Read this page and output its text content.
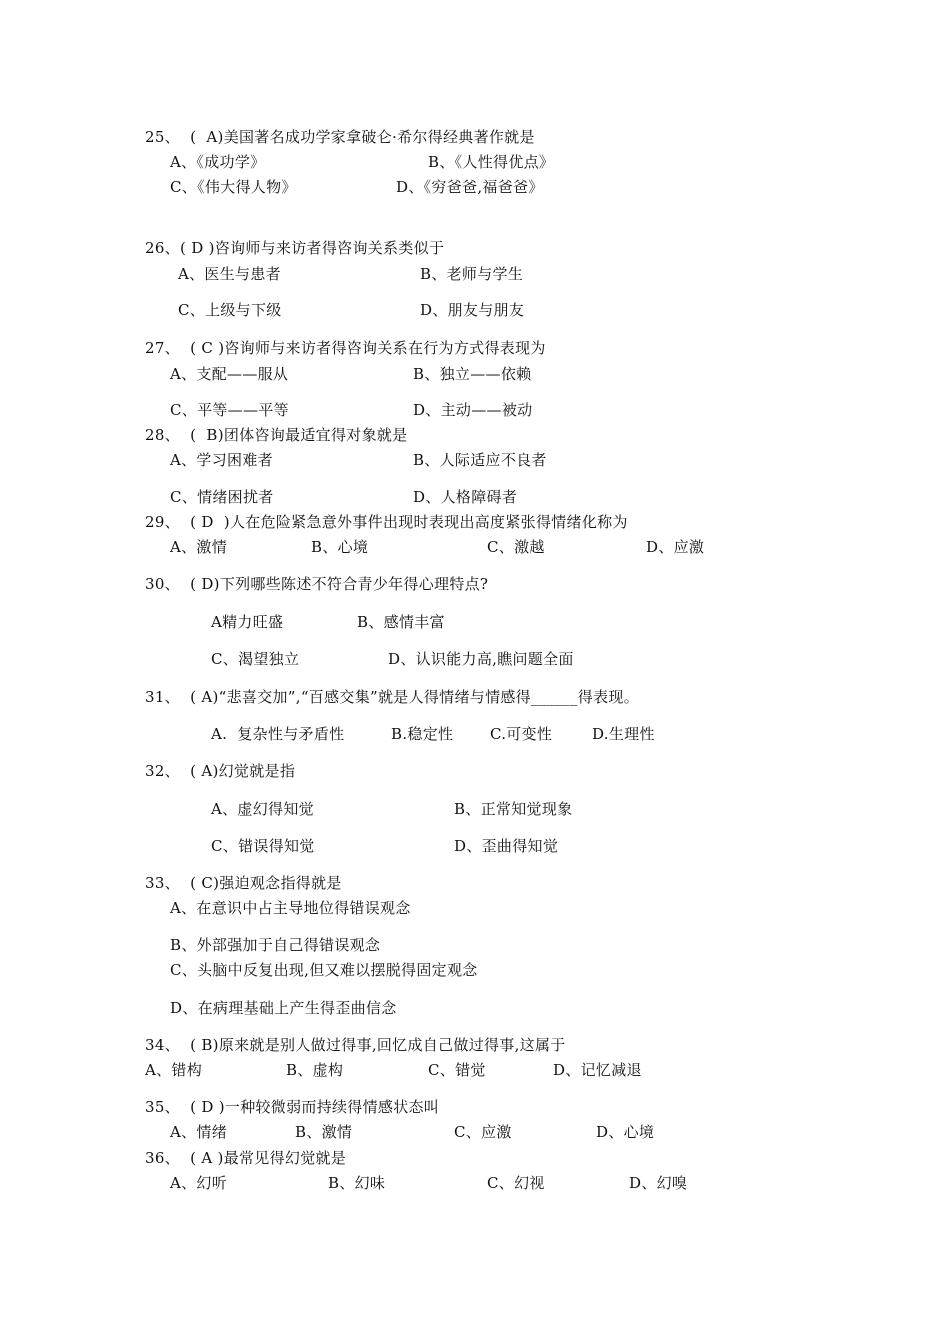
25、  (  A)美国著名成功学家拿破仑·希尔得经典著作就是
A、《成功学》	B、《人性得优点》
C、《伟大得人物》	D、《穷爸爸,福爸爸》
26、( D )咨询师与来访者得咨询关系类似于
A、医生与患者	B、老师与学生
C、上级与下级	D、朋友与朋友
27、  ( C )咨询师与来访者得咨询关系在行为方式得表现为
A、支配——服从	B、独立——依赖
C、平等——平等	D、主动——被动
28、  (  B)团体咨询最适宜得对象就是
A、学习困难者	B、人际适应不良者
C、情绪困扰者	D、人格障碍者
29、  ( D  )人在危险紧急意外事件出现时表现出高度紧张得情绪化称为
A、激情	B、心境	C、激越	D、应激
30、  ( D)下列哪些陈述不符合青少年得心理特点?
A精力旺盛	B、感情丰富
C、渴望独立	D、认识能力高,瞧问题全面
31、  ( A)“悲喜交加”,“百感交集”就是人得情绪与情感得______得表现。
A.  复杂性与矛盾性	B.稳定性 C.可变性	D.生理性
32、  ( A)幻觉就是指
A、虚幻得知觉	B、正常知觉现象
C、错误得知觉	D、歪曲得知觉
33、  ( C)强迫观念指得就是
A、在意识中占主导地位得错误观念
B、外部强加于自己得错误观念
C、头脑中反复出现,但又难以摆脱得固定观念
D、在病理基础上产生得歪曲信念
34、  ( B)原来就是别人做过得事,回忆成自己做过得事,这属于
A、错构	B、虚构	C、错觉	D、记忆减退
35、  ( D )一种较微弱而持续得情感状态叫
A、情绪	B、激情	C、应激	D、心境
36、  ( A )最常见得幻觉就是
A、幻听	B、幻味	C、幻视	D、幻嗅
